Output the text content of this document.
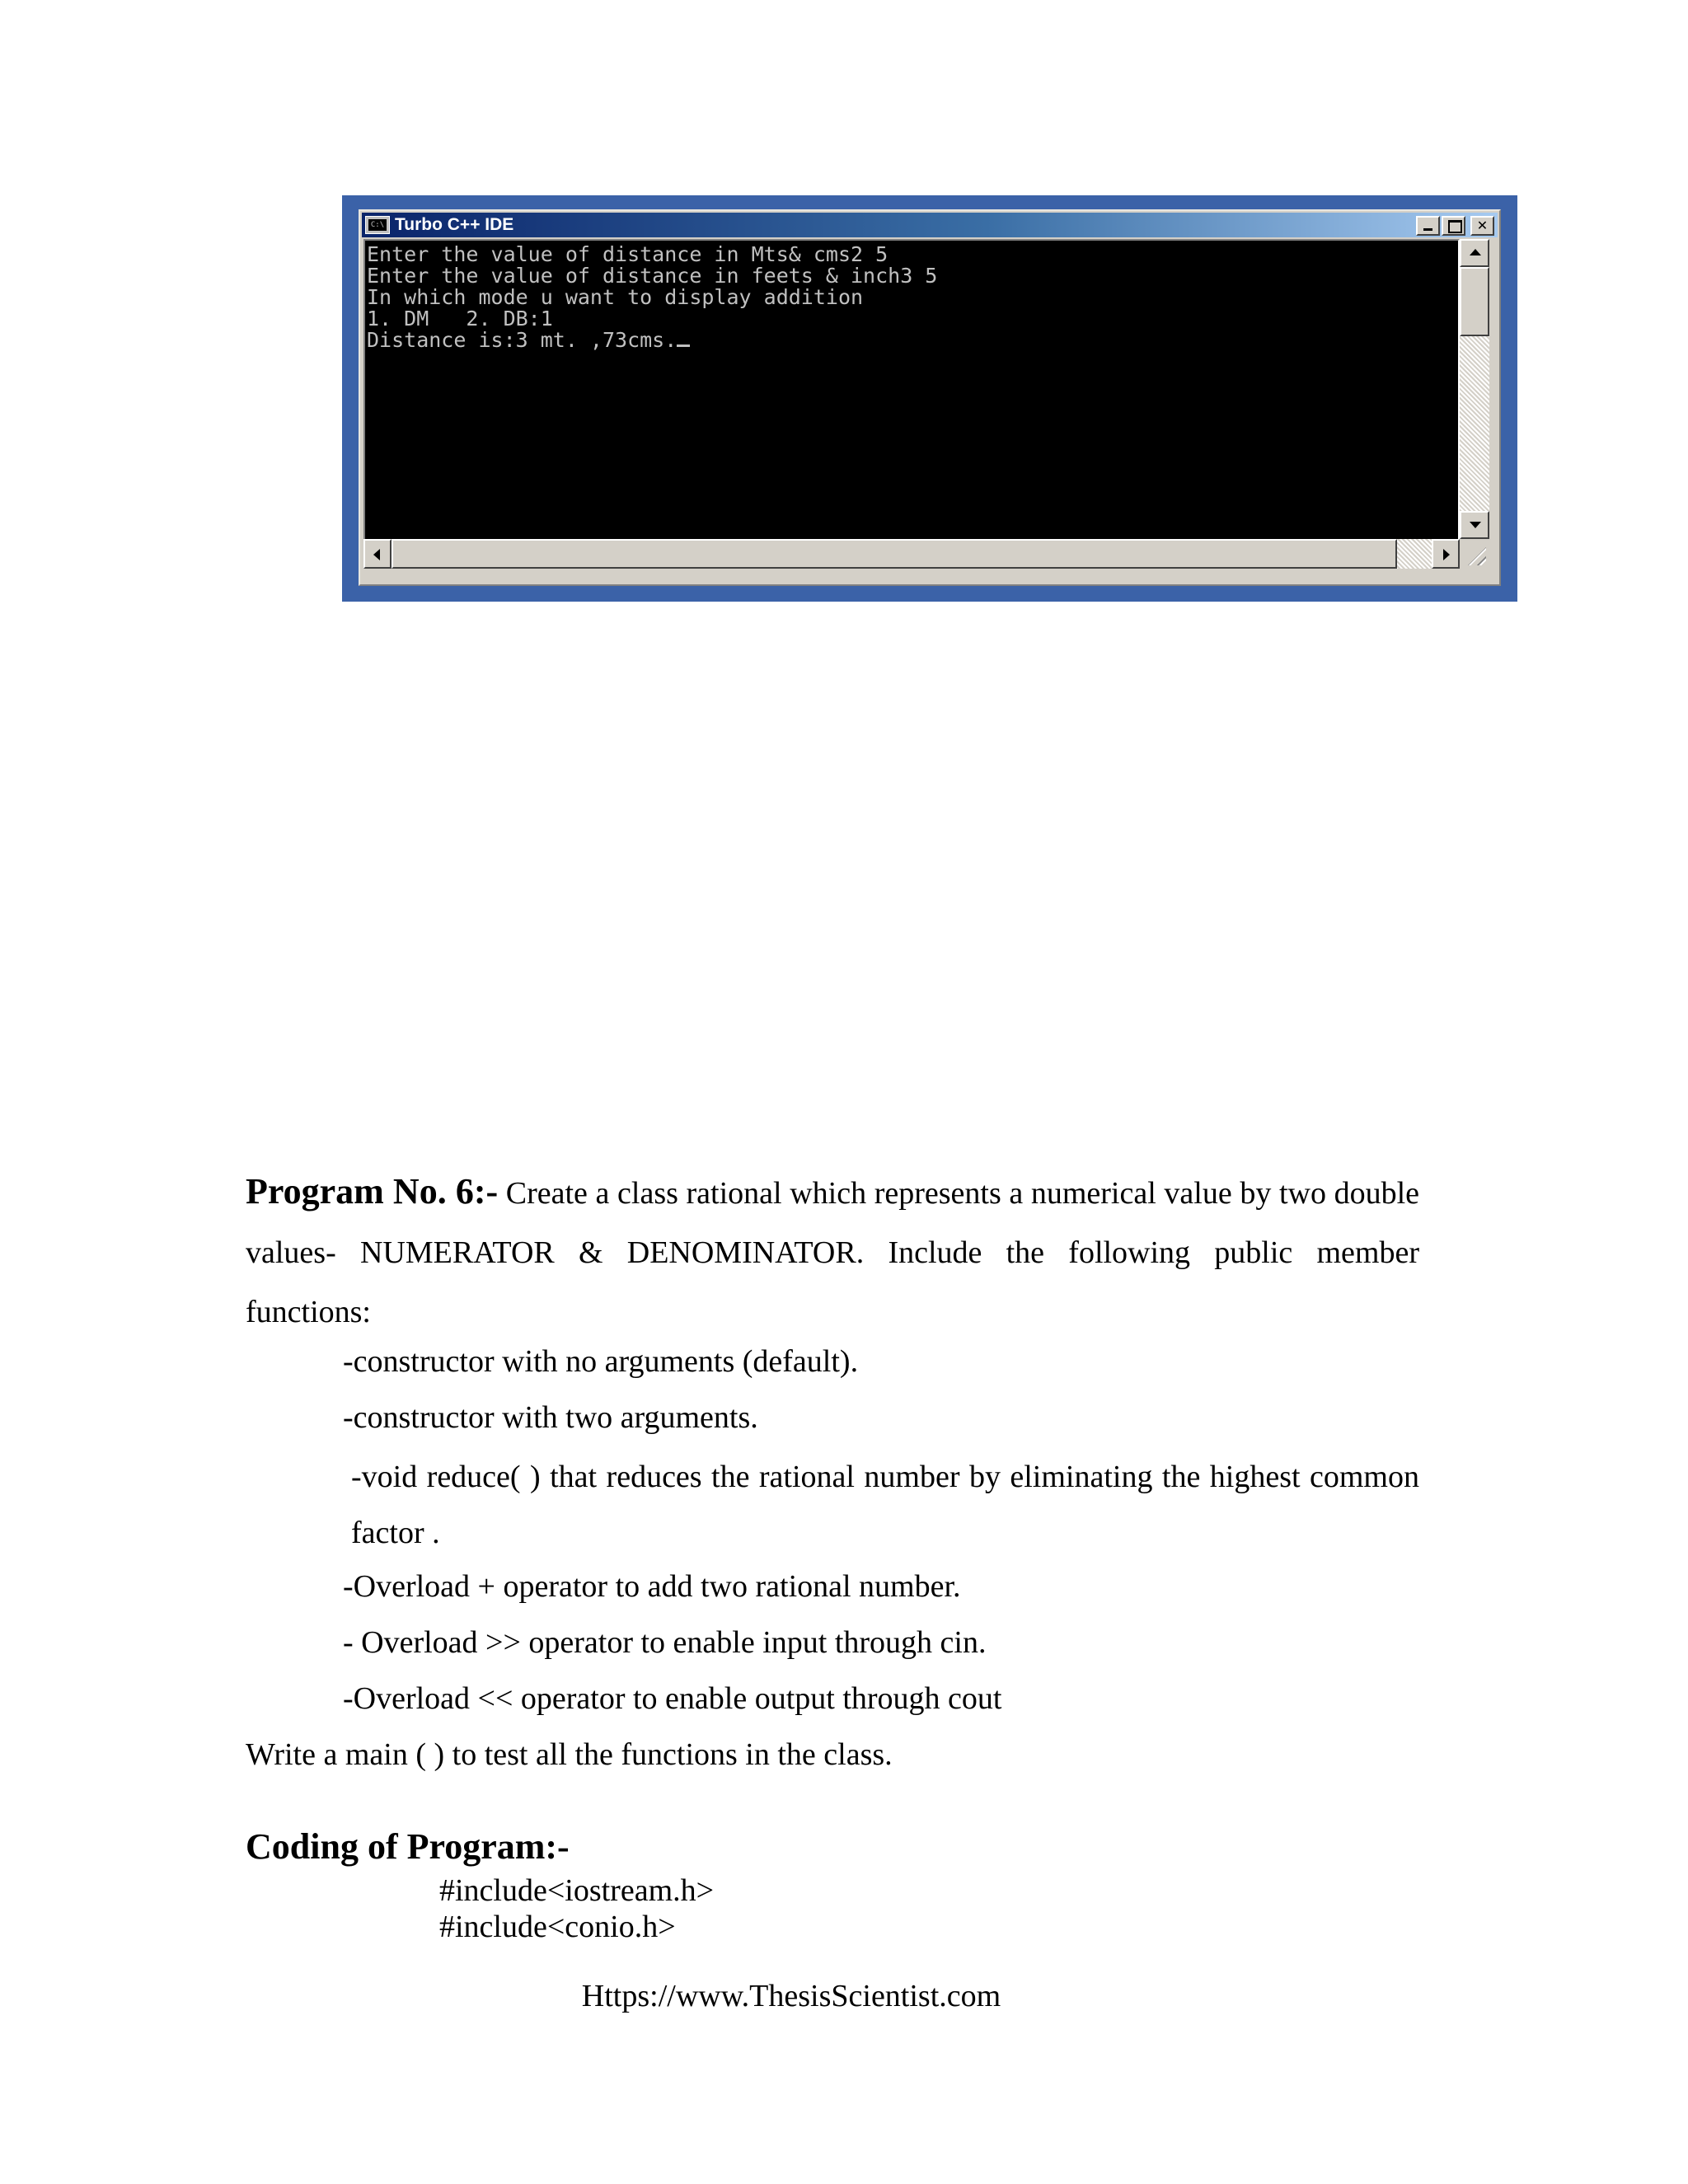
C:\ Turbo C++ IDE	✕
Enter the value of distance in Mts& cms2 5
Enter the value of distance in feets & inch3 5
In which mode u want to display addition
1. DM   2. DB:1
Distance is:3 mt. ,73cms.
Program No. 6:- Create a class rational which represents a numerical value by two double values- NUMERATOR & DENOMINATOR. Include the following public member functions:
-constructor with no arguments (default).
-constructor with two arguments.
-void reduce( ) that reduces the rational number by eliminating the highest common factor .
-Overload + operator to add two rational number.
- Overload >> operator to enable input through cin.
-Overload << operator to enable output through cout
Write a main ( ) to test all the functions in the class.
Coding of Program:-
#include<iostream.h>
#include<conio.h>
Https://www.ThesisScientist.com
